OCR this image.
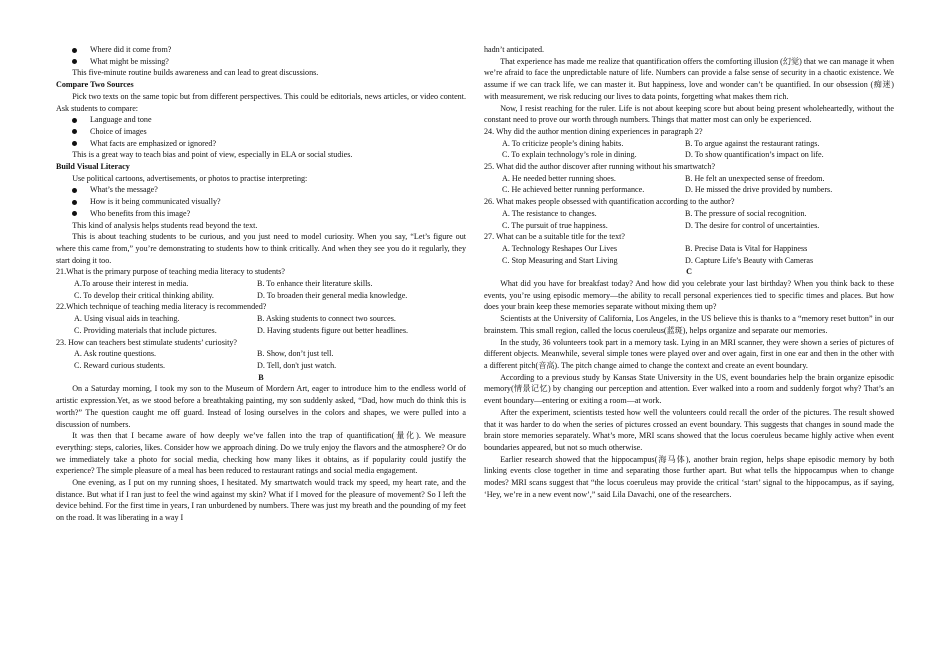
Where did it come from?
What might be missing?

This five-minute routine builds awareness and can lead to great discussions.

Compare Two Sources

Pick two texts on the same topic but from different perspectives. This could be editorials, news articles, or video content. Ask students to compare:

Language and tone
Choice of images
What facts are emphasized or ignored?

This is a great way to teach bias and point of view, especially in ELA or social studies.

Build Visual Literacy

Use political cartoons, advertisements, or photos to practise interpreting:

What’s the message?
How is it being communicated visually?
Who benefits from this image?

This kind of analysis helps students read beyond the text.

This is about teaching students to be curious, and you just need to model curiosity. When you say, “Let’s figure out where this came from,” you’re demonstrating to students how to think critically. And when they see you do it regularly, they start doing it too.

21.What is the primary purpose of teaching media literacy to students?

A.To arouse their interest in media.	B. To enhance their literature skills.
C. To develop their critical thinking ability.	D. To broaden their general media knowledge.

22.Which technique of teaching media literacy is recommended?

A. Using visual aids in teaching.	B. Asking students to connect two sources.
C. Providing materials that include pictures.	D. Having students figure out better headlines.

23. How can teachers best stimulate students’ curiosity?

A. Ask routine questions.	B. Show, don’t just tell.
C. Reward curious students.	D. Tell, don't just watch.

B

On a Saturday morning, I took my son to the Museum of Mordern Art, eager to introduce him to the endless world of artistic expression.Yet, as we stood before a breathtaking painting, my son suddenly asked, “Dad, how much do think this is worth?” The question caught me off guard. Instead of losing ourselves in the colors and shapes, we were pulled into a discussion of numbers.

It was then that I became aware of how deeply we’ve fallen into the trap of quantification(量化). We measure everything: steps, calories, likes. Consider how we approach dining. Do we truly enjoy the flavors and the atmosphere? Or do we immediately take a photo for social media, checking how many likes it obtains, as if popularity could justify the experience? The simple pleasure of a meal has been reduced to restaurant ratings and social media engagement.

One evening, as I put on my running shoes, I hesitated. My smartwatch would track my speed, my heart rate, and the distance. But what if I ran just to feel the wind against my skin? What if I moved for the pleasure of movement? So I left the device behind. For the first time in years, I ran unburdened by numbers. There was just my breath and the pounding of my feet on the road. It was liberating in a way I

hadn’t anticipated.

That experience has made me realize that quantification offers the comforting illusion (幻觉) that we can manage it when we’re afraid to face the unpredictable nature of life. Numbers can provide a false sense of security in a chaotic existence. We assume if we can track life, we can master it. But happiness, love and wonder can’t be quantified. In our obsession (痴迷) with measurement, we risk reducing our lives to data points, forgetting what makes them rich.

Now, I resist reaching for the ruler. Life is not about keeping score but about being present wholeheartedly, without the constant need to prove our worth through numbers. Things that matter most can only be experienced.

24. Why did the author mention dining experiences in paragraph 2?

A. To criticize people’s dining habits.	B. To argue against the restaurant ratings.
C. To explain technology’s role in dining.	D. To show quantification’s impact on life.

25. What did the author discover after running without his smartwatch?

A. He needed better running shoes.	B. He felt an unexpected sense of freedom.
C. He achieved better running performance.	D. He missed the drive provided by numbers.

26. What makes people obsessed with quantification according to the author?

A. The resistance to changes.	B. The pressure of social recognition.
C. The pursuit of true happiness.	D. The desire for control of uncertainties.

27. What can be a suitable title for the text?

A. Technology Reshapes Our Lives	B. Precise Data is Vital for Happiness
C. Stop Measuring and Start Living	D. Capture Life’s Beauty with Cameras

C

What did you have for breakfast today? And how did you celebrate your last birthday? When you think back to these events, you’re using episodic memory—the ability to recall personal experiences tied to specific times and places. But how does your brain keep these memories separate without mixing them up?

Scientists at the University of California, Los Angeles, in the US believe this is thanks to a “memory reset button” in our brainstem. This small region, called the locus coeruleus(蓝斑), helps organize and separate our memories.

In the study, 36 volunteers took part in a memory task. Lying in an MRI scanner, they were shown a series of pictures of different objects. Meanwhile, several simple tones were played over and over again, first in one ear and then in the other with a different pitch(音高). The pitch change aimed to change the context and create an event boundary.

According to a previous study by Kansas State University in the US, event boundaries help the brain organize episodic memory(情景记忆) by changing our perception and attention. Ever walked into a room and suddenly forgot why? That’s an event boundary—entering or exiting a room—at work.

After the experiment, scientists tested how well the volunteers could recall the order of the pictures. The result showed that it was harder to do when the series of pictures crossed an event boundary. This suggests that changes in sound made the brain store memories separately. What’s more, MRI scans showed that the locus coeruleus became highly active when event boundaries appeared, but not so much otherwise.

Earlier research showed that the hippocampus(海马体), another brain region, helps shape episodic memory by both linking events close together in time and separating those further apart. But what tells the hippocampus when to change modes? MRI scans suggest that “the locus coeruleus may provide the critical ‘start’ signal to the hippocampus, as if saying, ‘Hey, we’re in a new event now’,” said Lila Davachi, one of the researchers.
